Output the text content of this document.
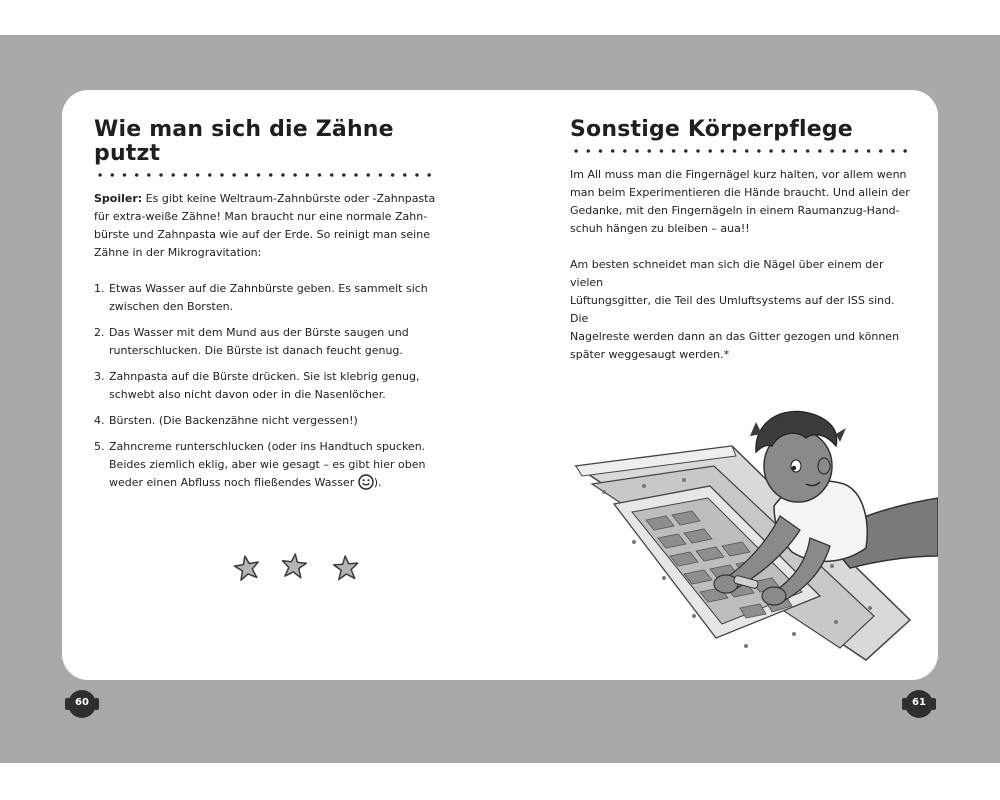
Wie man sich die Zähne putzt

Spoiler: Es gibt keine Weltraum-Zahnbürste oder -Zahnpasta
für extra-weiße Zähne! Man braucht nur eine normale Zahn-
bürste und Zahnpasta wie auf der Erde. So reinigt man seine
Zähne in der Mikrogravitation:

1. Etwas Wasser auf die Zahnbürste geben. Es sammelt sich
zwischen den Borsten.
2. Das Wasser mit dem Mund aus der Bürste saugen und
runterschlucken. Die Bürste ist danach feucht genug.
3. Zahnpasta auf die Bürste drücken. Sie ist klebrig genug,
schwebt also nicht davon oder in die Nasenlöcher.
4. Bürsten. (Die Backenzähne nicht vergessen!)
5. Zahncreme runterschlucken (oder ins Handtuch spucken.
Beides ziemlich eklig, aber wie gesagt – es gibt hier oben
weder einen Abfluss noch fließendes Wasser ).
Sonstige Körperpflege

Im All muss man die Fingernägel kurz halten, vor allem wenn
man beim Experimentieren die Hände braucht. Und allein der
Gedanke, mit den Fingernägeln in einem Raumanzug-Hand-
schuh hängen zu bleiben – aua!!

Am besten schneidet man sich die Nägel über einem der vielen
Lüftungsgitter, die Teil des Umluftsystems auf der ISS sind. Die
Nagelreste werden dann an das Gitter gezogen und können
später weggesaugt werden.*

60	61
